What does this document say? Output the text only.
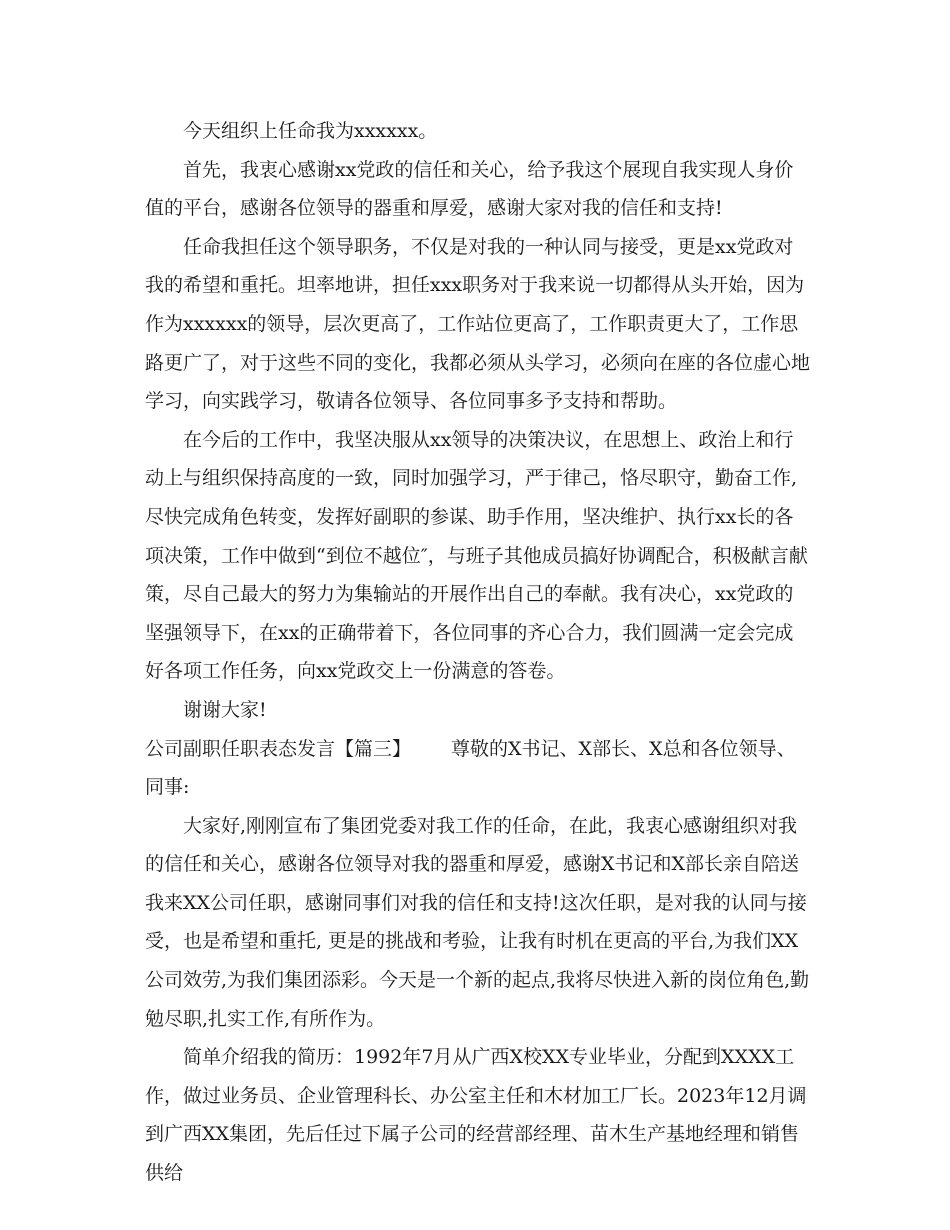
今天组织上任命我为xxxxxx。

首先，我衷心感谢xx党政的信任和关心，给予我这个展现自我实现人身价值的平台，感谢各位领导的器重和厚爱，感谢大家对我的信任和支持!

任命我担任这个领导职务，不仅是对我的一种认同与接受，更是xx党政对我的希望和重托。坦率地讲，担任xxx职务对于我来说一切都得从头开始，因为作为xxxxxx的领导，层次更高了，工作站位更高了，工作职责更大了，工作思路更广了，对于这些不同的变化，我都必须从头学习，必须向在座的各位虚心地学习，向实践学习，敬请各位领导、各位同事多予支持和帮助。

在今后的工作中，我坚决服从xx领导的决策决议，在思想上、政治上和行动上与组织保持高度的一致，同时加强学习，严于律己，恪尽职守，勤奋工作,尽快完成角色转变，发挥好副职的参谋、助手作用，坚决维护、执行xx长的各项决策，工作中做到“到位不越位″，与班子其他成员搞好协调配合，积极献言献策，尽自己最大的努力为集输站的开展作出自己的奉献。我有决心，xx党政的坚强领导下，在xx的正确带着下，各位同事的齐心合力，我们圆满一定会完成好各项工作任务，向xx党政交上一份满意的答卷。

谢谢大家!

公司副职任职表态发言【篇三】 尊敬的X书记、X部长、X总和各位领导、同事:

大家好,刚刚宣布了集团党委对我工作的任命，在此，我衷心感谢组织对我的信任和关心，感谢各位领导对我的器重和厚爱，感谢X书记和X部长亲自陪送我来XX公司任职，感谢同事们对我的信任和支持!这次任职，是对我的认同与接受，也是希望和重托, 更是的挑战和考验，让我有时机在更高的平台,为我们XX公司效劳,为我们集团添彩。今天是一个新的起点,我将尽快进入新的岗位角色,勤勉尽职,扎实工作,有所作为。

简单介绍我的简历：1992年7月从广西X校XX专业毕业，分配到XXXX工作，做过业务员、企业管理科长、办公室主任和木材加工厂长。2023年12月调到广西XX集团，先后任过下属子公司的经营部经理、苗木生产基地经理和销售供给
